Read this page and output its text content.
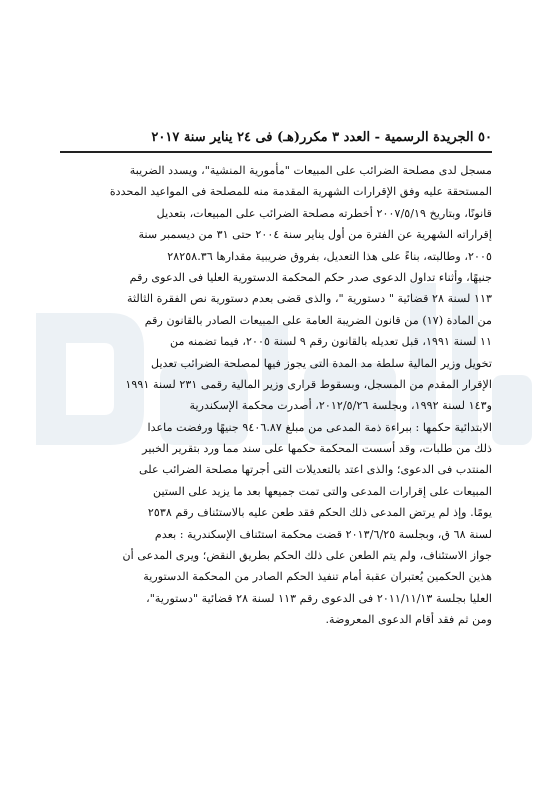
٥٠ الجريدة الرسمية - العدد ٣ مكرر(هـ) فى ٢٤ يناير سنة ٢٠١٧
مسجل لدى مصلحة الضرائب على المبيعات "مأمورية المنشية"، ويسدد الضريبة
المستحقة عليه وفق الإقرارات الشهرية المقدمة منه للمصلحة فى المواعيد المحددة
قانونًا، وبتاريخ ٢٠٠٧/٥/١٩ أخطرته مصلحة الضرائب على المبيعات، بتعديل
إقراراته الشهرية عن الفترة من أول يناير سنة ٢٠٠٤ حتى ٣١ من ديسمبر سنة
٢٠٠٥، وطالبته، بناءً على هذا التعديل، بفروق ضريبية مقدارها ٢٨٢٥٨.٣٦
جنيهًا، وأثناء تداول الدعوى صدر حكم المحكمة الدستورية العليا فى الدعوى رقم
١١٣ لسنة ٢٨ قضائية " دستورية "، والذى قضى بعدم دستورية نص الفقرة الثالثة
من المادة (١٧) من قانون الضريبة العامة على المبيعات الصادر بالقانون رقم
١١ لسنة ١٩٩١، قبل تعديله بالقانون رقم ٩ لسنة ٢٠٠٥، فيما تضمنه من
تخويل وزير المالية سلطة مد المدة التى يجوز فيها لمصلحة الضرائب تعديل
الإقرار المقدم من المسجل، وبسقوط قرارى وزير المالية رقمى ٢٣١ لسنة ١٩٩١
و١٤٣ لسنة ١٩٩٢، وبجلسة ٢٠١٢/٥/٢٦، أصدرت محكمة الإسكندرية
الابتدائية حكمها : ببراءة ذمة المدعى من مبلغ ٩٤٠٦.٨٧ جنيهًا ورفضت ماعدا
ذلك من طلبات، وقد أسست المحكمة حكمها على سند مما ورد بتقرير الخبير
المنتدب فى الدعوى؛ والذى اعتد بالتعديلات التى أجرتها مصلحة الضرائب على
المبيعات على إقرارات المدعى والتى تمت جميعها بعد ما يزيد على الستين
يومًا. وإذ لم يرتض المدعى ذلك الحكم فقد طعن عليه بالاستئناف رقم ٢٥٣٨
لسنة ٦٨ ق، وبجلسة ٢٠١٣/٦/٢٥ قضت محكمة استئناف الإسكندرية : بعدم
جواز الاستئناف، ولم يتم الطعن على ذلك الحكم بطريق النقض؛ ويرى المدعى أن
هذين الحكمين يُعتبران عقبة أمام تنفيذ الحكم الصادر من المحكمة الدستورية
العليا بجلسة ٢٠١١/١١/١٣ فى الدعوى رقم ١١٣ لسنة ٢٨ قضائية "دستورية"،
ومن ثم فقد أقام الدعوى المعروضة.
